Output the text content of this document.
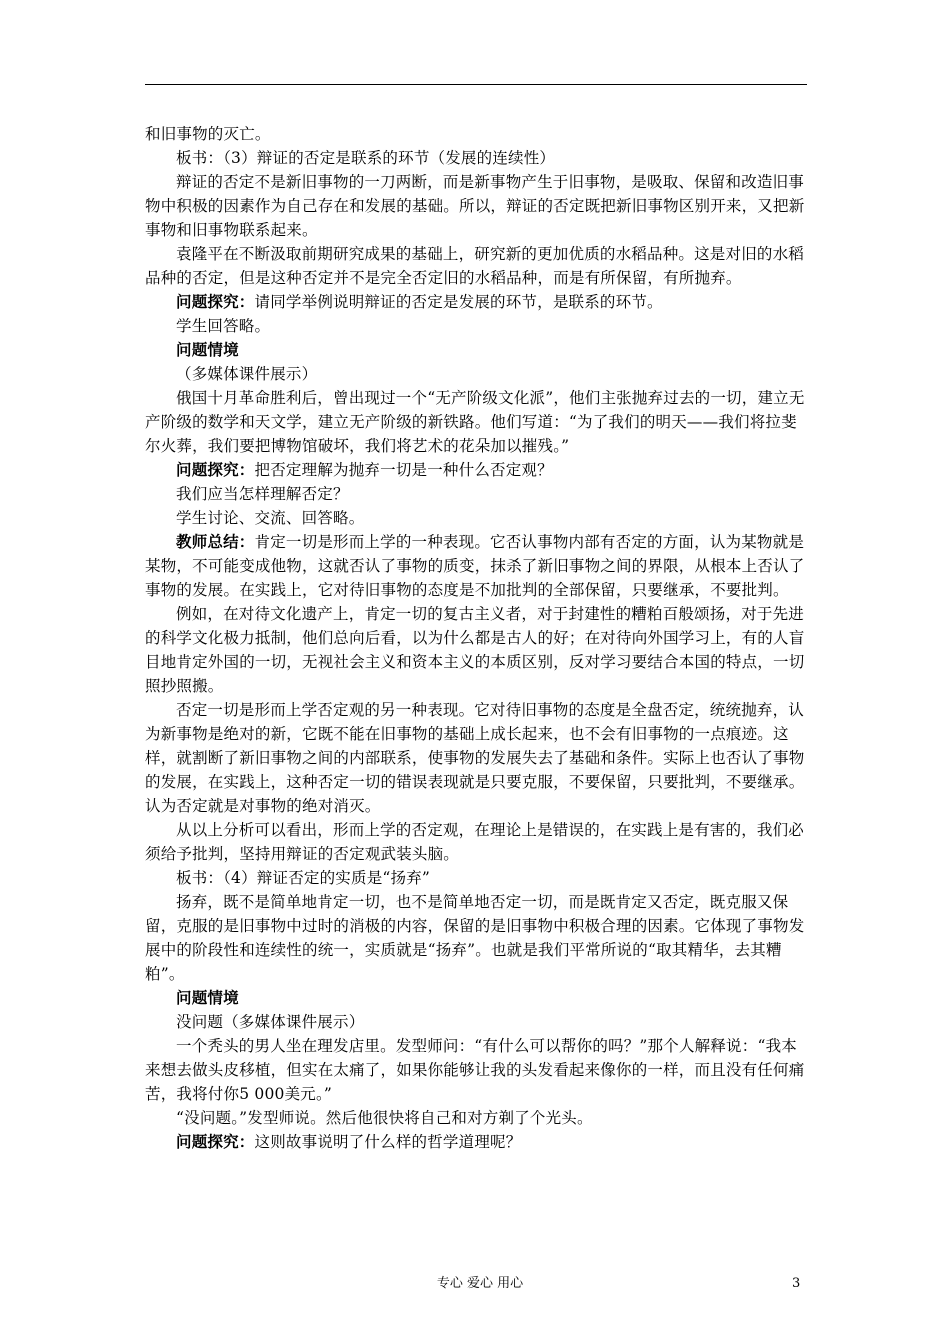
和旧事物的灭亡。

板书：（3）辩证的否定是联系的环节（发展的连续性）

辩证的否定不是新旧事物的一刀两断，而是新事物产生于旧事物，是吸取、保留和改造旧事物中积极的因素作为自己存在和发展的基础。所以，辩证的否定既把新旧事物区别开来，又把新事物和旧事物联系起来。

袁隆平在不断汲取前期研究成果的基础上，研究新的更加优质的水稻品种。这是对旧的水稻品种的否定，但是这种否定并不是完全否定旧的水稻品种，而是有所保留，有所抛弃。

问题探究：请同学举例说明辩证的否定是发展的环节，是联系的环节。

学生回答略。

问题情境

（多媒体课件展示）

俄国十月革命胜利后，曾出现过一个“无产阶级文化派”，他们主张抛弃过去的一切，建立无产阶级的数学和天文学，建立无产阶级的新铁路。他们写道：“为了我们的明天——我们将拉斐尔火葬，我们要把博物馆破坏，我们将艺术的花朵加以摧残。”

问题探究：把否定理解为抛弃一切是一种什么否定观？

我们应当怎样理解否定？

学生讨论、交流、回答略。

教师总结：肯定一切是形而上学的一种表现。它否认事物内部有否定的方面，认为某物就是某物，不可能变成他物，这就否认了事物的质变，抹杀了新旧事物之间的界限，从根本上否认了事物的发展。在实践上，它对待旧事物的态度是不加批判的全部保留，只要继承，不要批判。

例如，在对待文化遗产上，肯定一切的复古主义者，对于封建性的糟粕百般颂扬，对于先进的科学文化极力抵制，他们总向后看，以为什么都是古人的好；在对待向外国学习上，有的人盲目地肯定外国的一切，无视社会主义和资本主义的本质区别，反对学习要结合本国的特点，一切照抄照搬。

否定一切是形而上学否定观的另一种表现。它对待旧事物的态度是全盘否定，统统抛弃，认为新事物是绝对的新，它既不能在旧事物的基础上成长起来，也不会有旧事物的一点痕迹。这样，就割断了新旧事物之间的内部联系，使事物的发展失去了基础和条件。实际上也否认了事物的发展，在实践上，这种否定一切的错误表现就是只要克服，不要保留，只要批判，不要继承。认为否定就是对事物的绝对消灭。

从以上分析可以看出，形而上学的否定观，在理论上是错误的，在实践上是有害的，我们必须给予批判，坚持用辩证的否定观武装头脑。

板书：（4）辩证否定的实质是“扬弃”

扬弃，既不是简单地肯定一切，也不是简单地否定一切，而是既肯定又否定，既克服又保留，克服的是旧事物中过时的消极的内容，保留的是旧事物中积极合理的因素。它体现了事物发展中的阶段性和连续性的统一，实质就是“扬弃”。也就是我们平常所说的“取其精华，去其糟粕”。

问题情境

没问题（多媒体课件展示）

一个秃头的男人坐在理发店里。发型师问：“有什么可以帮你的吗？”那个人解释说：“我本来想去做头皮移植，但实在太痛了，如果你能够让我的头发看起来像你的一样，而且没有任何痛苦，我将付你5 000美元。”

“没问题。”发型师说。然后他很快将自己和对方剃了个光头。

问题探究：这则故事说明了什么样的哲学道理呢？

专心 爱心 用心	3
